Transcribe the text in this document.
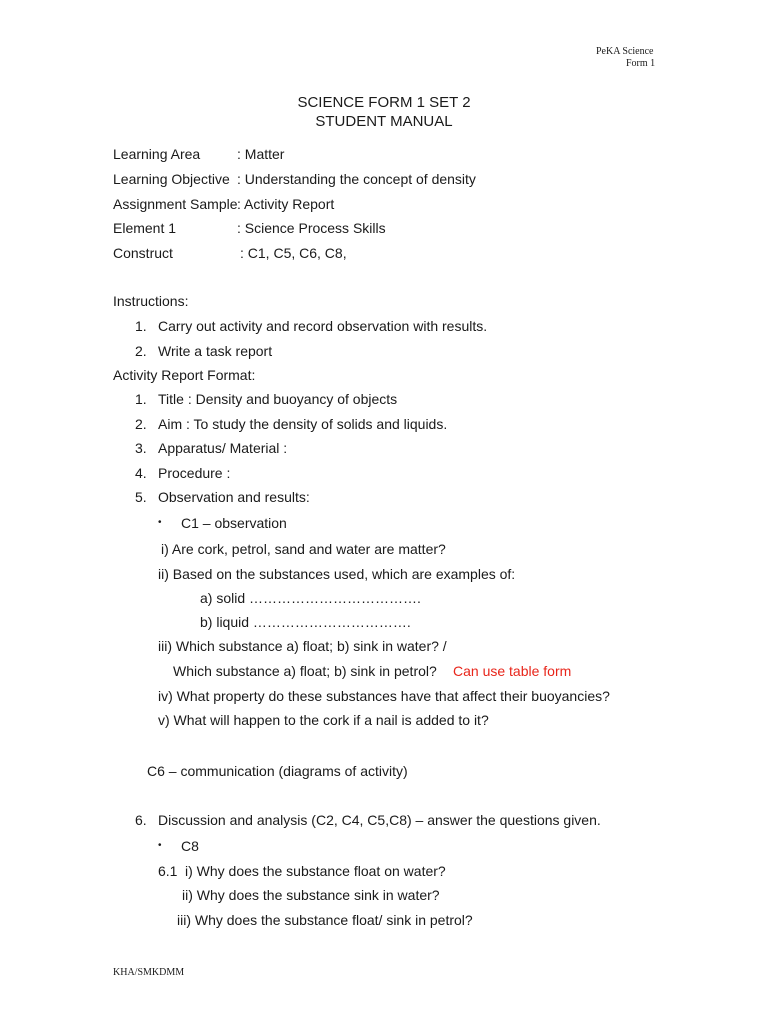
PeKA Science
Form 1
SCIENCE FORM 1 SET 2
STUDENT MANUAL
Learning Area	: Matter
Learning Objective : Understanding the concept of density
Assignment Sample : Activity Report
Element 1	: Science Process Skills
Construct	: C1, C5, C6, C8,
Instructions:
1. Carry out activity and record observation with results.
2. Write a task report
Activity Report Format:
1. Title : Density and buoyancy of objects
2. Aim : To study the density of solids and liquids.
3. Apparatus/ Material :
4. Procedure :
5. Observation and results:
• C1 – observation
i) Are cork, petrol, sand and water are matter?
ii) Based on the substances used, which are examples of:
a) solid ……………………………….
b) liquid …………………………….
iii) Which substance a) float; b) sink in water? /
Which substance a) float; b) sink in petrol? Can use table form
iv) What property do these substances have that affect their buoyancies?
v) What will happen to the cork if a nail is added to it?
C6 – communication (diagrams of activity)
6. Discussion and analysis (C2, C4, C5,C8) – answer the questions given.
• C8
6.1 i) Why does the substance float on water?
ii) Why does the substance sink in water?
iii) Why does the substance float/ sink in petrol?
KHA/SMKDMM
